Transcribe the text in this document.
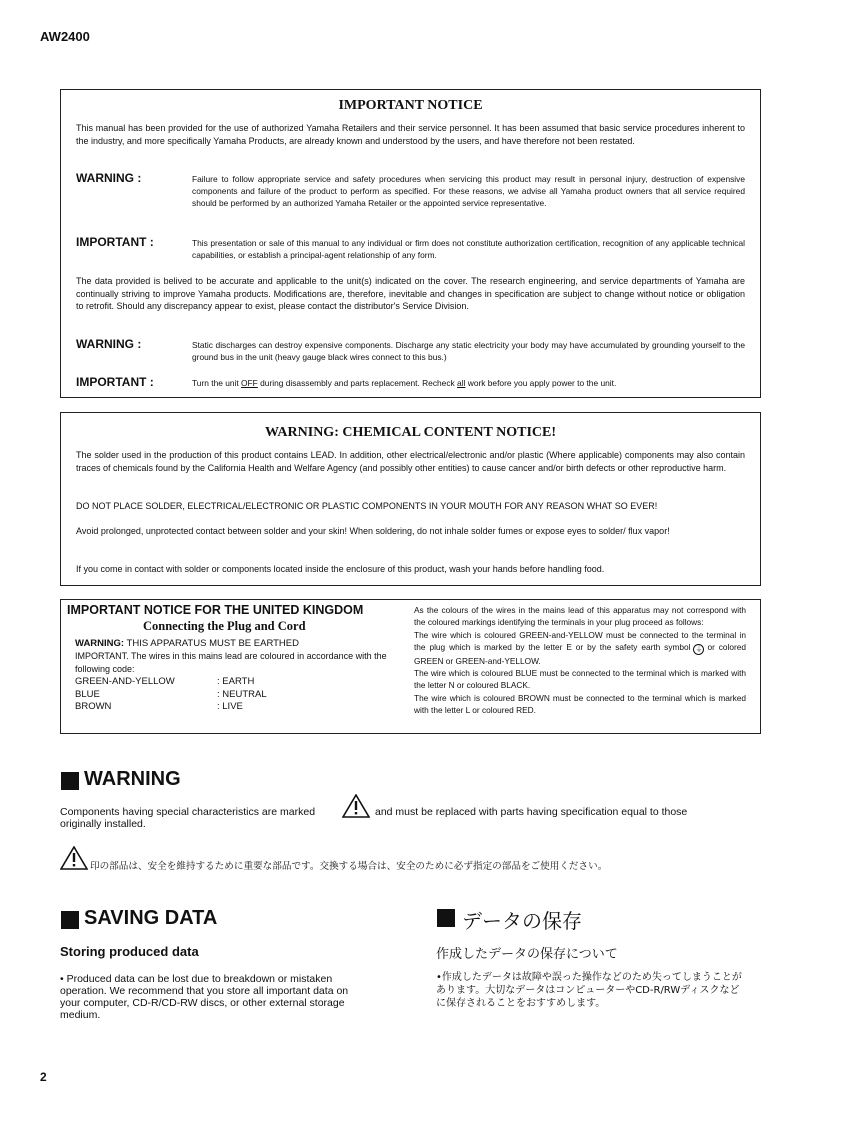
AW2400
IMPORTANT NOTICE
This manual has been provided for the use of authorized Yamaha Retailers and their service personnel. It has been assumed that basic service procedures inherent to the industry, and more specifically Yamaha Products, are already known and understood by the users, and have therefore not been restated.
WARNING :	Failure to follow appropriate service and safety procedures when servicing this product may result in personal injury, destruction of expensive components and failure of the product to perform as specified. For these reasons, we advise all Yamaha product owners that all service required should be performed by an authorized Yamaha Retailer or the appointed service representative.
IMPORTANT :	This presentation or sale of this manual to any individual or firm does not constitute authorization certification, recognition of any applicable technical capabilities, or establish a principal-agent relationship of any form.
The data provided is belived to be accurate and applicable to the unit(s) indicated on the cover. The research engineering, and service departments of Yamaha are continually striving to improve Yamaha products. Modifications are, therefore, inevitable and changes in specification are subject to change without notice or obligation to retrofit. Should any discrepancy appear to exist, please contact the distributor's Service Division.
WARNING :	Static discharges can destroy expensive components. Discharge any static electricity your body may have accumulated by grounding yourself to the ground bus in the unit (heavy gauge black wires connect to this bus.)
IMPORTANT :	Turn the unit OFF during disassembly and parts replacement. Recheck all work before you apply power to the unit.
WARNING: CHEMICAL CONTENT NOTICE!
The solder used in the production of this product contains LEAD. In addition, other electrical/electronic and/or plastic (Where applicable) components may also contain traces of chemicals found by the California Health and Welfare Agency (and possibly other entities) to cause cancer and/or birth defects or other reproductive harm.
DO NOT PLACE SOLDER, ELECTRICAL/ELECTRONIC OR PLASTIC COMPONENTS IN YOUR MOUTH FOR ANY REASON WHAT SO EVER!
Avoid prolonged, unprotected contact between solder and your skin! When soldering, do not inhale solder fumes or expose eyes to solder/ flux vapor!
If you come in contact with solder or components located inside the enclosure of this product, wash your hands before handling food.
IMPORTANT NOTICE FOR THE UNITED KINGDOM
Connecting the Plug and Cord
WARNING: THIS APPARATUS MUST BE EARTHED
IMPORTANT. The wires in this mains lead are coloured in accordance with the following code:
GREEN-AND-YELLOW	: EARTH
BLUE	: NEUTRAL
BROWN	: LIVE
As the colours of the wires in the mains lead of this apparatus may not correspond with the coloured markings identifying the terminals in your plug proceed as follows:
The wire which is coloured GREEN-and-YELLOW must be connected to the terminal in the plug which is marked by the letter E or by the safety earth symbol ⏚ or colored GREEN or GREEN-and-YELLOW.
The wire which is coloured BLUE must be connected to the terminal which is marked with the letter N or coloured BLACK.
The wire which is coloured BROWN must be connected to the terminal which is marked with the letter L or coloured RED.
WARNING
Components having special characteristics are marked	and must be replaced with parts having specification equal to those
originally installed.
印の部品は、安全を維持するために重要な部品です。交換する場合は、安全のために必ず指定の部品をご使用ください。
SAVING DATA
Storing produced data
• Produced data can be lost due to breakdown or mistaken operation. We recommend that you store all important data on your computer, CD-R/CD-RW discs, or other external storage medium.
データの保存
作成したデータの保存について
•作成したデータは故障や誤った操作などのため失ってしまうことがあります。大切なデータはコンピューターやCD-R/RWディスクなどに保存されることをおすすめします。
2
